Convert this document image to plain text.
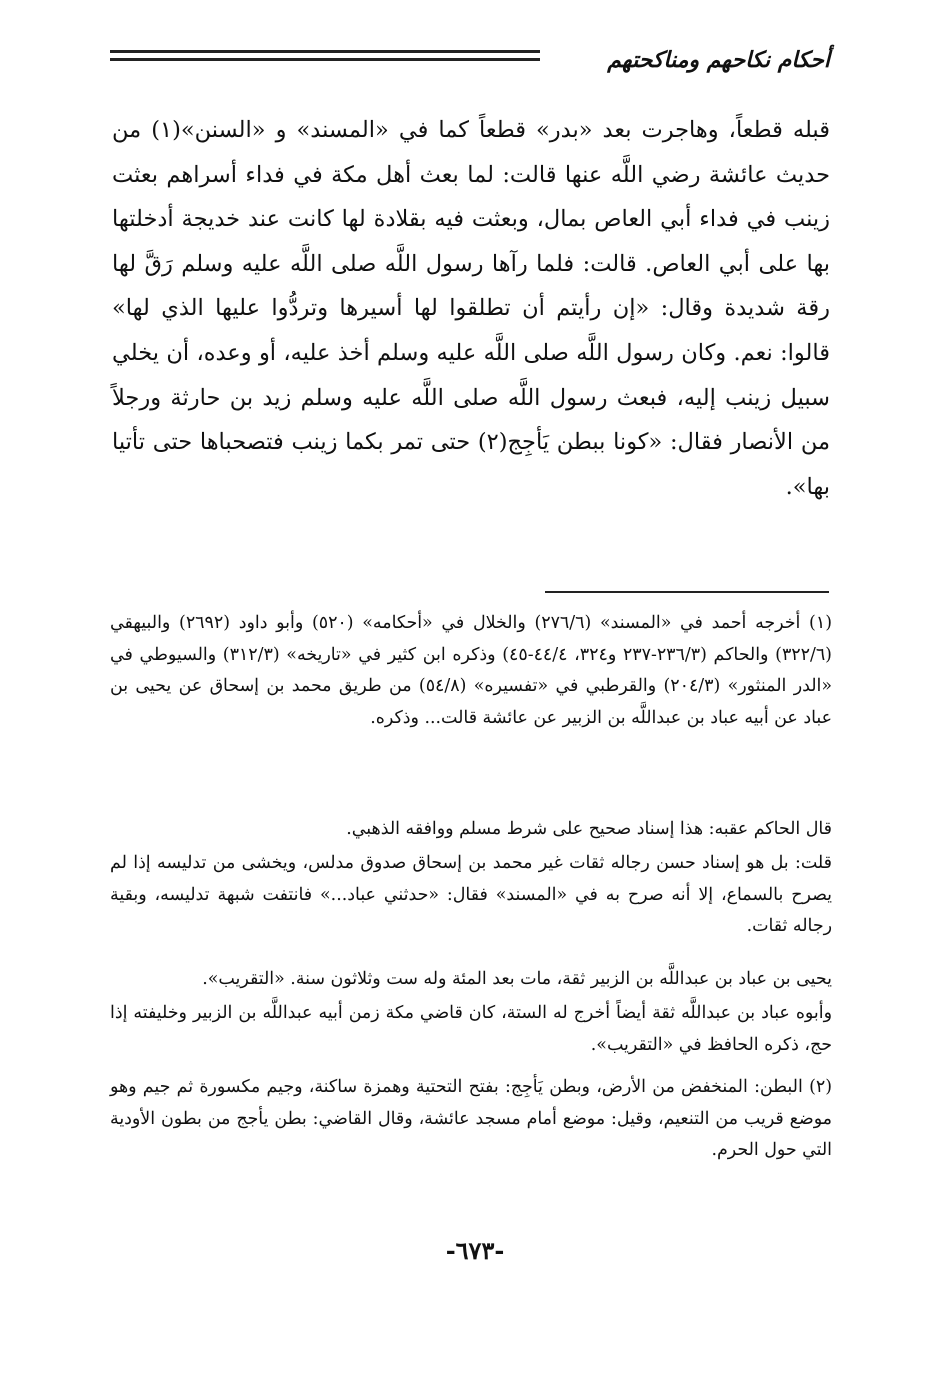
أحكام نكاحهم ومناكحتهم

قبله قطعاً، وهاجرت بعد «بدر» قطعاً كما في «المسند» و «السنن»(١) من حديث عائشة رضي اللَّه عنها قالت: لما بعث أهل مكة في فداء أسراهم بعثت زينب في فداء أبي العاص بمال، وبعثت فيه بقلادة لها كانت عند خديجة أدخلتها بها على أبي العاص. قالت: فلما رآها رسول اللَّه صلى اللَّه عليه وسلم رَقَّ لها رقة شديدة وقال: «إن رأيتم أن تطلقوا لها أسيرها وتردُّوا عليها الذي لها» قالوا: نعم. وكان رسول اللَّه صلى اللَّه عليه وسلم أخذ عليه، أو وعده، أن يخلي سبيل زينب إليه، فبعث رسول اللَّه صلى اللَّه عليه وسلم زيد بن حارثة ورجلاً من الأنصار فقال: «كونا ببطن يَأجِج(٢) حتى تمر بكما زينب فتصحباها حتى تأتيا بها».

(١) أخرجه أحمد في «المسند» (٢٧٦/٦) والخلال في «أحكامه» (٥٢٠) وأبو داود (٢٦٩٢) والبيهقي (٣٢٢/٦) والحاكم (٢٣٦/٣-٢٣٧ و٣٢٤، ٤٤/٤-٤٥) وذكره ابن كثير في «تاريخه» (٣١٢/٣) والسيوطي في «الدر المنثور» (٢٠٤/٣) والقرطبي في «تفسيره» (٥٤/٨) من طريق محمد بن إسحاق عن يحيى بن عباد عن أبيه عباد بن عبداللَّه بن الزبير عن عائشة قالت... وذكره.

قال الحاكم عقبه: هذا إسناد صحيح على شرط مسلم ووافقه الذهبي.

قلت: بل هو إسناد حسن رجاله ثقات غير محمد بن إسحاق صدوق مدلس، ويخشى من تدليسه إذا لم يصرح بالسماع، إلا أنه صرح به في «المسند» فقال: «حدثني عباد...» فانتفت شبهة تدليسه، وبقية رجاله ثقات.

يحيى بن عباد بن عبداللَّه بن الزبير ثقة، مات بعد المئة وله ست وثلاثون سنة. «التقريب».

وأبوه عباد بن عبداللَّه ثقة أيضاً أخرج له الستة، كان قاضي مكة زمن أبيه عبداللَّه بن الزبير وخليفته إذا حج، ذكره الحافظ في «التقريب».

(٢) البطن: المنخفض من الأرض، وبطن يَأجِج: بفتح التحتية وهمزة ساكنة، وجيم مكسورة ثم جيم وهو موضع قريب من التنعيم، وقيل: موضع أمام مسجد عائشة، وقال القاضي: بطن يأجج من بطون الأودية التي حول الحرم.

-٦٧٣-
